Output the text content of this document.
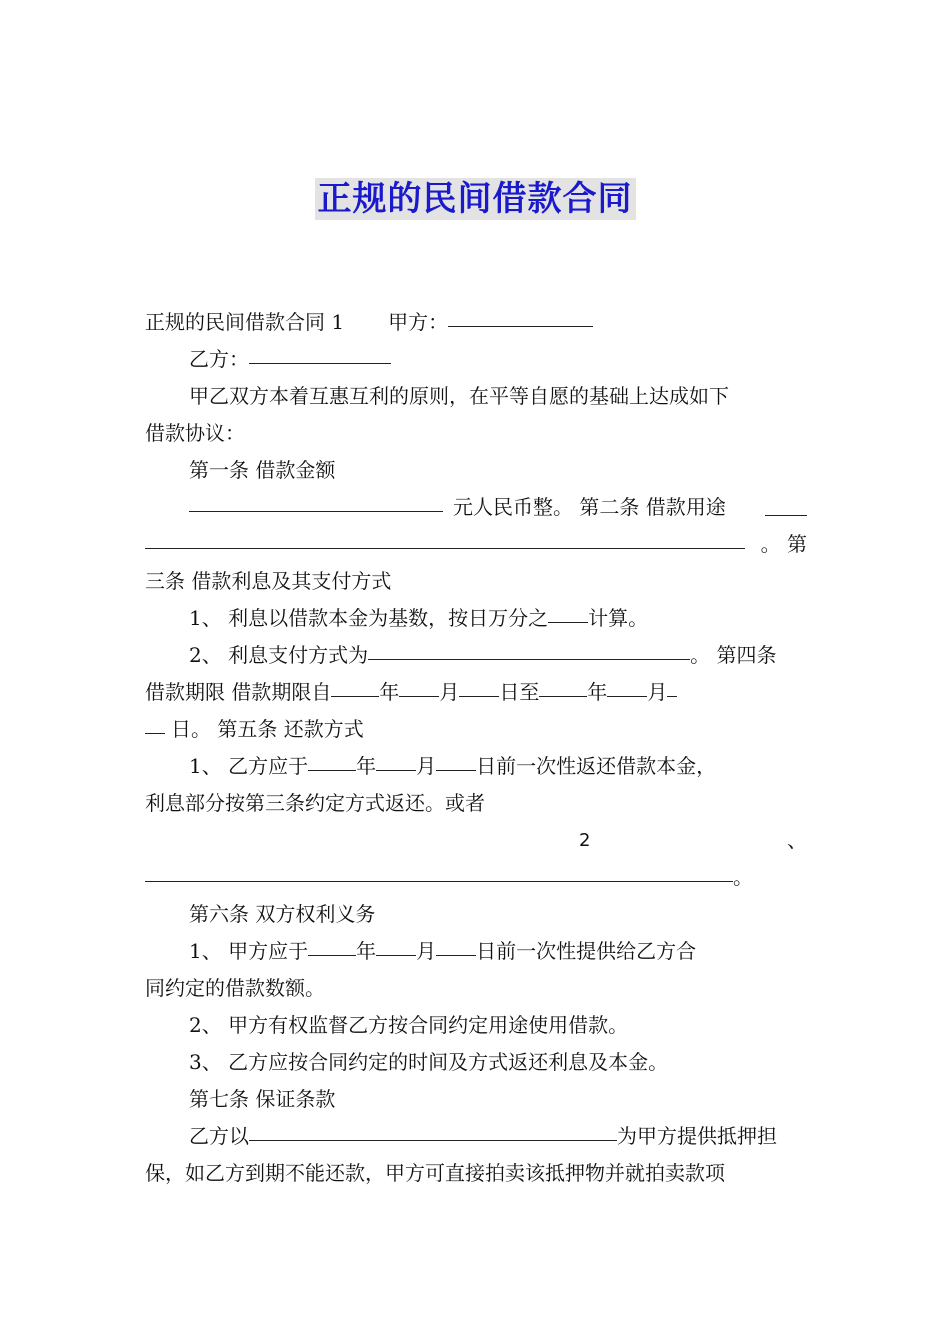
正规的民间借款合同
正规的民间借款合同 1 甲方：
乙方：
甲乙双方本着互惠互利的原则，在平等自愿的基础上达成如下
借款协议：
第一条 借款金额
元人民币整。 第二条 借款用途
。 第
三条 借款利息及其支付方式
1、 利息以借款本金为基数，按日万分之 计算。
2、 利息支付方式为	。 第四条
借款期限 借款期限自 年 月 日至 年 月
日。 第五条 还款方式
1、 乙方应于 年 月 日前一次性返还借款本金，
利息部分按第三条约定方式返还。或者
2	、
。
第六条 双方权利义务
1、 甲方应于 年 月 日前一次性提供给乙方合
同约定的借款数额。
2、 甲方有权监督乙方按合同约定用途使用借款。
3、 乙方应按合同约定的时间及方式返还利息及本金。
第七条 保证条款
乙方以	为甲方提供抵押担
保，如乙方到期不能还款，甲方可直接拍卖该抵押物并就拍卖款项
